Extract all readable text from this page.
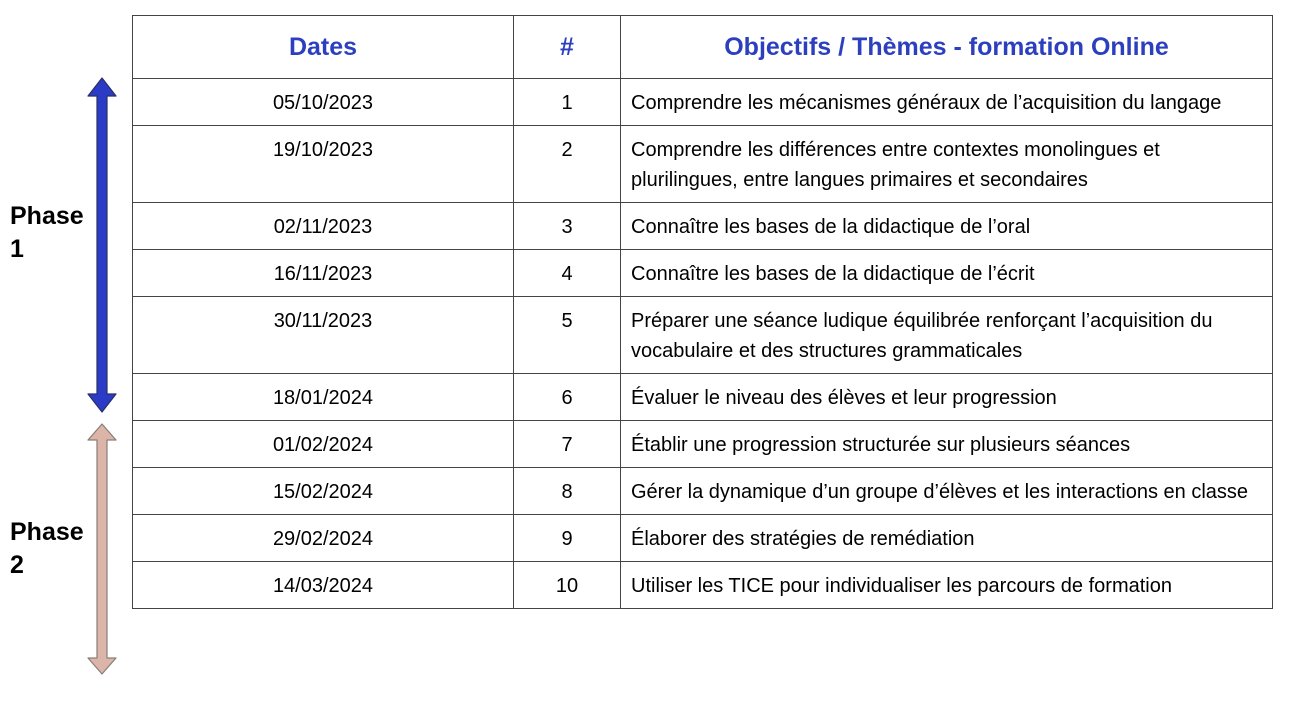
Phase 1
Phase 2
Dates	#	Objectifs / Thèmes - formation Online
05/10/2023	1	Comprendre les mécanismes généraux de l’acquisition du langage
19/10/2023	2	Comprendre les différences entre contextes monolingues et plurilingues, entre langues primaires et secondaires
02/11/2023	3	Connaître les bases de la didactique de l’oral
16/11/2023	4	Connaître les bases de la didactique de l’écrit
30/11/2023	5	Préparer une séance ludique équilibrée renforçant l’acquisition du vocabulaire et des structures grammaticales
18/01/2024	6	Évaluer le niveau des élèves et leur progression
01/02/2024	7	Établir une progression structurée sur plusieurs séances
15/02/2024	8	Gérer la dynamique d’un groupe d’élèves et les interactions en classe
29/02/2024	9	Élaborer des stratégies de remédiation
14/03/2024	10	Utiliser les TICE pour individualiser les parcours de formation
